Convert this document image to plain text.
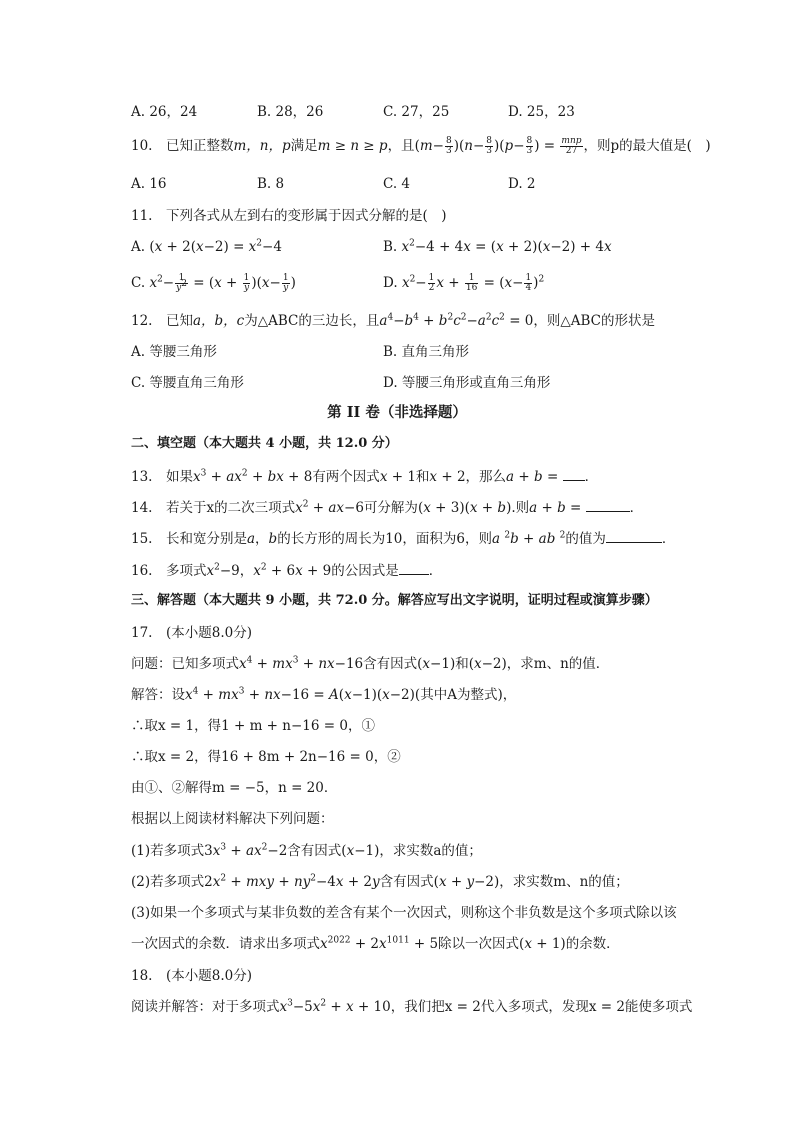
A. 26，24	B. 28，26	C. 27，25	D. 25，23
10.　 已知正整数m，n，p满足m ≥ n ≥ p，且$(m- \frac{8}{3} )(n- \frac{8}{3} )(p- \frac{8}{3}$ ) = $\frac{\text{mnp}}{27}$ ，则p的最大值是(　)
A. 16	B. 8	C. 4	D. 2
11.　下列各式从左到右的变形属于因式分解的是(　)
A. ($x + 2(x-2) = x^2-4$	B. $x^2-4 + 4x = (x + 2)(x-2) + 4x$
C. $x^2- \frac{1}{y^2} = (x + \frac{1}{y} )(x- \frac{1}{y}$ )	D. $x^2- \frac{1}{2}$ $x + \frac{1}{16} = (x- \frac{1}{4} )^2$
12.　已知a，b，c为△ABC的三边长，且$a^4-b^4 + b^2c^2-a^2c^2 = 0$，则△ABC的形状是
A. 等腰三角形	B. 直角三角形
C. 等腰直角三角形	D. 等腰三角形或直角三角形
第 II 卷（非选择题）
二、填空题（本大题共 4 小题，共 12.0 分）
13.　如果$x^3 + ax^2$ + bx + 8有两个因式x + 1和x + 2，那么a + b = ．
14.　若关于x的二次三项式$x^2 + ax-6$可分解为(x + 3)(x + b).则a + b =	．
15.　长和宽分别是a，b的长方形的周长为10，面积为6，则a $^2$b + ab $^2$的值为	．
16.　多项式$x^2-9$，$x^2 + 6x + 9$的公因式是 ．
三、解答题（本大题共 9 小题，共 72.0 分。解答应写出文字说明，证明过程或演算步骤）
17.　(本小题8.0分)
问题：已知多项式$x^4 + mx^3 + nx-16$含有因式(x−1)和(x−2)，求m、n的值．
解答：设$x^4 + mx^3 + nx-16 = A(x-1)(x-2)$(其中A为整式)，
∴取x = 1，得1 + m + n−16 = 0，①
∴取x = 2，得16 + 8m + 2n−16 = 0，②
由①、②解得m = −5，n = 20．
根据以上阅读材料解决下列问题：
(1)若多项式$3x^3 + ax^2-2$含有因式(x−1)，求实数a的值；
(2)若多项式$2x^2$ + mxy + $ny^2-4x + 2y$含有因式(x + y−2)，求实数m、n的值；
(3)如果一个多项式与某非负数的差含有某个一次因式，则称这个非负数是这个多项式除以该
一次因式的余数．请求出多项式$x^{2022} + 2x^{1011} + 5$除以一次因式(x + 1)的余数．
18.　(本小题8.0分)
阅读并解答：对于多项式$x^3-5x^2 + x + 10$，我们把x = 2代入多项式，发现x = 2能使多项式
